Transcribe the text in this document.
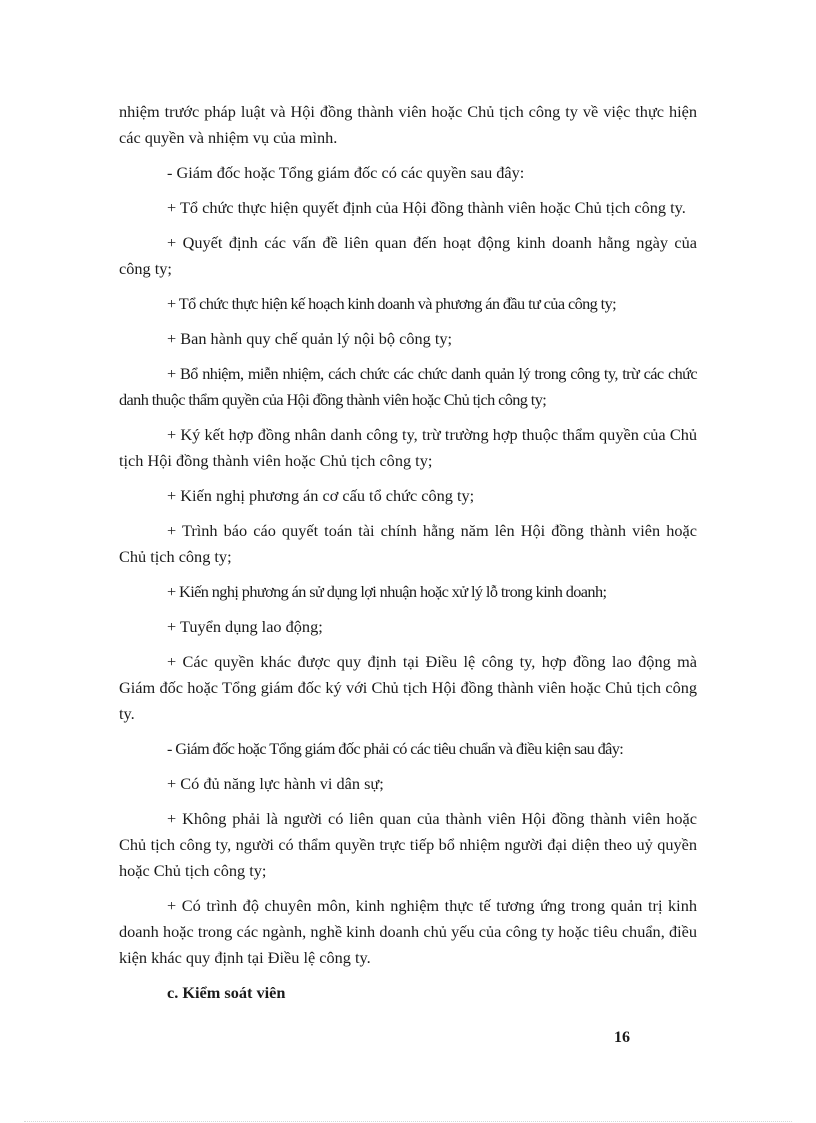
nhiệm trước pháp luật và Hội đồng thành viên hoặc Chủ tịch công ty về việc thực hiện các quyền và nhiệm vụ của mình.

- Giám đốc hoặc Tổng giám đốc có các quyền sau đây:

+ Tổ chức thực hiện quyết định của Hội đồng thành viên hoặc Chủ tịch công ty.

+ Quyết định các vấn đề liên quan đến hoạt động kinh doanh hằng ngày của công ty;

+ Tổ chức thực hiện kế hoạch kinh doanh và phương án đầu tư của công ty;

+ Ban hành quy chế quản lý nội bộ công ty;

+ Bổ nhiệm, miễn nhiệm, cách chức các chức danh quản lý trong công ty, trừ các chức danh thuộc thẩm quyền của Hội đồng thành viên hoặc Chủ tịch công ty;

+ Ký kết hợp đồng nhân danh công ty, trừ trường hợp thuộc thẩm quyền của Chủ tịch Hội đồng thành viên hoặc Chủ tịch công ty;

+ Kiến nghị phương án cơ cấu tổ chức công ty;

+ Trình báo cáo quyết toán tài chính hằng năm lên Hội đồng thành viên hoặc Chủ tịch công ty;

+ Kiến nghị phương án sử dụng lợi nhuận hoặc xử lý lỗ trong kinh doanh;

+ Tuyển dụng lao động;

+ Các quyền khác được quy định tại Điều lệ công ty, hợp đồng lao động mà Giám đốc hoặc Tổng giám đốc ký với Chủ tịch Hội đồng thành viên hoặc Chủ tịch công ty.

- Giám đốc hoặc Tổng giám đốc phải có các tiêu chuẩn và điều kiện sau đây:

+ Có đủ năng lực hành vi dân sự;

+ Không phải là người có liên quan của thành viên Hội đồng thành viên hoặc Chủ tịch công ty, người có thẩm quyền trực tiếp bổ nhiệm người đại diện theo uỷ quyền hoặc Chủ tịch công ty;

+ Có trình độ chuyên môn, kinh nghiệm thực tế tương ứng trong quản trị kinh doanh hoặc trong các ngành, nghề kinh doanh chủ yếu của công ty hoặc tiêu chuẩn, điều kiện khác quy định tại Điều lệ công ty.

c. Kiểm soát viên

16
